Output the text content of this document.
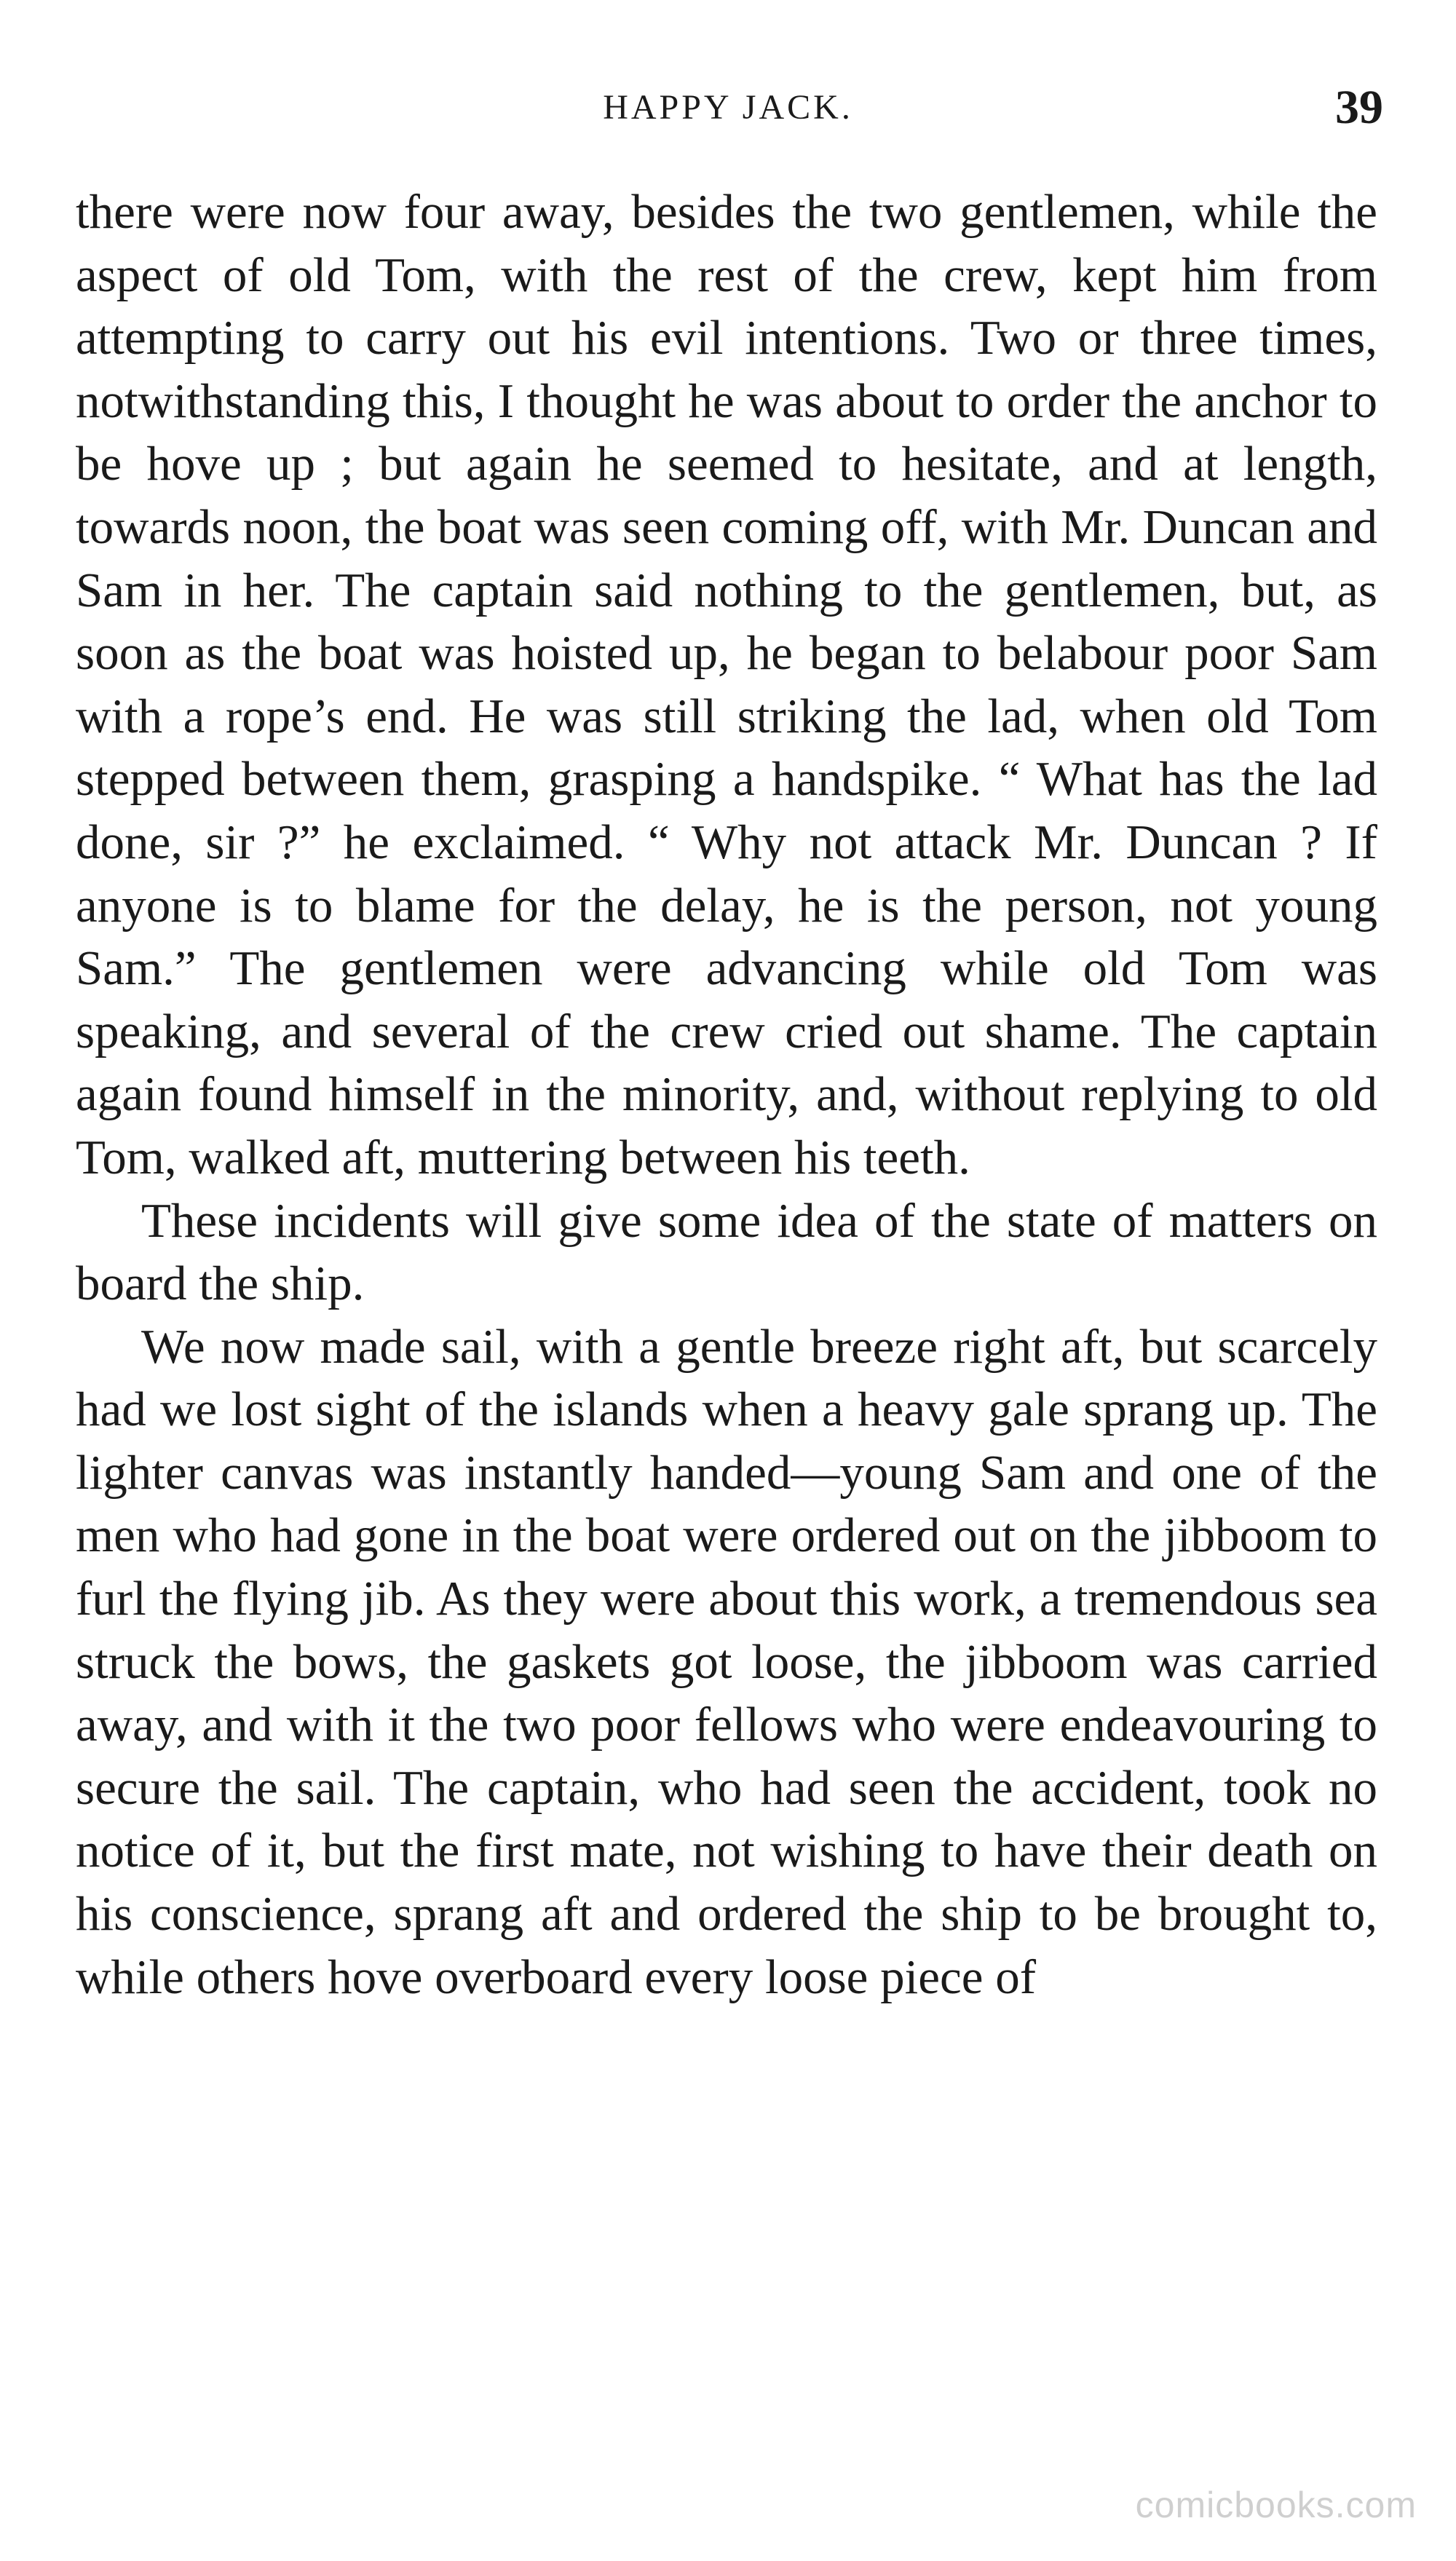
HAPPY JACK.	39

there were now four away, besides the two gentlemen, while the aspect of old Tom, with the rest of the crew, kept him from attempting to carry out his evil intentions. Two or three times, notwithstanding this, I thought he was about to order the anchor to be hove up ; but again he seemed to hesitate, and at length, towards noon, the boat was seen coming off, with Mr. Duncan and Sam in her. The captain said nothing to the gentlemen, but, as soon as the boat was hoisted up, he began to belabour poor Sam with a rope’s end. He was still striking the lad, when old Tom stepped between them, grasping a handspike. “ What has the lad done, sir ?” he exclaimed. “ Why not attack Mr. Duncan ? If anyone is to blame for the delay, he is the person, not young Sam.” The gentlemen were advancing while old Tom was speaking, and several of the crew cried out shame. The captain again found himself in the minority, and, without replying to old Tom, walked aft, muttering between his teeth.

These incidents will give some idea of the state of matters on board the ship.

We now made sail, with a gentle breeze right aft, but scarcely had we lost sight of the islands when a heavy gale sprang up. The lighter canvas was instantly handed—young Sam and one of the men who had gone in the boat were ordered out on the jibboom to furl the flying jib. As they were about this work, a tremendous sea struck the bows, the gaskets got loose, the jibboom was carried away, and with it the two poor fellows who were endeavouring to secure the sail. The captain, who had seen the accident, took no notice of it, but the first mate, not wishing to have their death on his conscience, sprang aft and ordered the ship to be brought to, while others hove overboard every loose piece of

comicbooks.com
